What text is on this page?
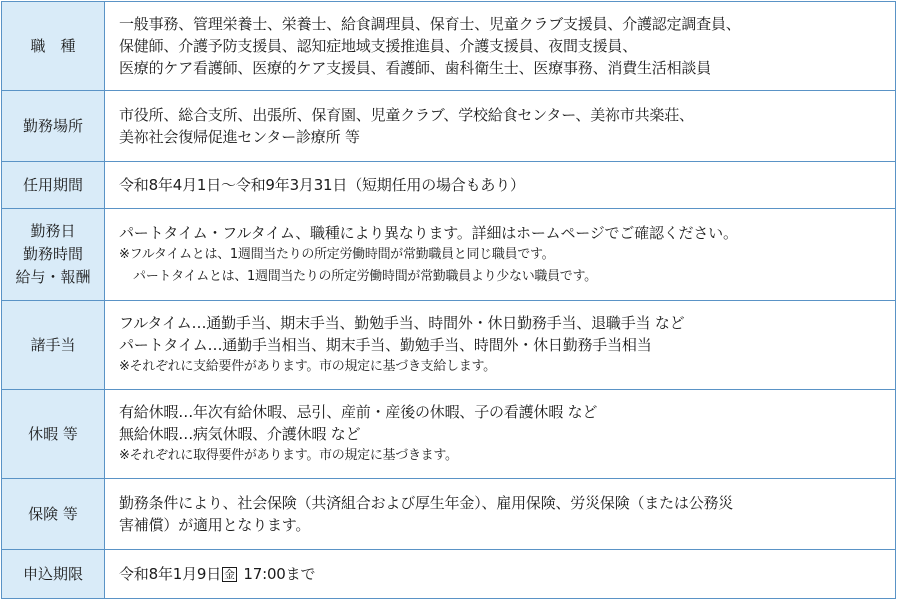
職　種	一般事務、管理栄養士、栄養士、給食調理員、保育士、児童クラブ支援員、介護認定調査員、
保健師、介護予防支援員、認知症地域支援推進員、介護支援員、夜間支援員、
医療的ケア看護師、医療的ケア支援員、看護師、歯科衛生士、医療事務、消費生活相談員

勤務場所	市役所、総合支所、出張所、保育園、児童クラブ、学校給食センター、美祢市共楽荘、
美祢社会復帰促進センター診療所 等

任用期間	令和8年4月1日～令和9年3月31日（短期任用の場合もあり）

勤務日
勤務時間
給与・報酬	パートタイム・フルタイム、職種により異なります。詳細はホームページでご確認ください。
※フルタイムとは、1週間当たりの所定労働時間が常勤職員と同じ職員です。
パートタイムとは、1週間当たりの所定労働時間が常勤職員より少ない職員です。

諸手当	フルタイム…通勤手当、期末手当、勤勉手当、時間外・休日勤務手当、退職手当 など
パートタイム…通勤手当相当、期末手当、勤勉手当、時間外・休日勤務手当相当
※それぞれに支給要件があります。市の規定に基づき支給します。

休暇 等	有給休暇…年次有給休暇、忌引、産前・産後の休暇、子の看護休暇 など
無給休暇…病気休暇、介護休暇 など
※それぞれに取得要件があります。市の規定に基づきます。

保険 等	勤務条件により、社会保険（共済組合および厚生年金）、雇用保険、労災保険（または公務災
害補償）が適用となります。

申込期限	令和8年1月9日 金 17:00まで
